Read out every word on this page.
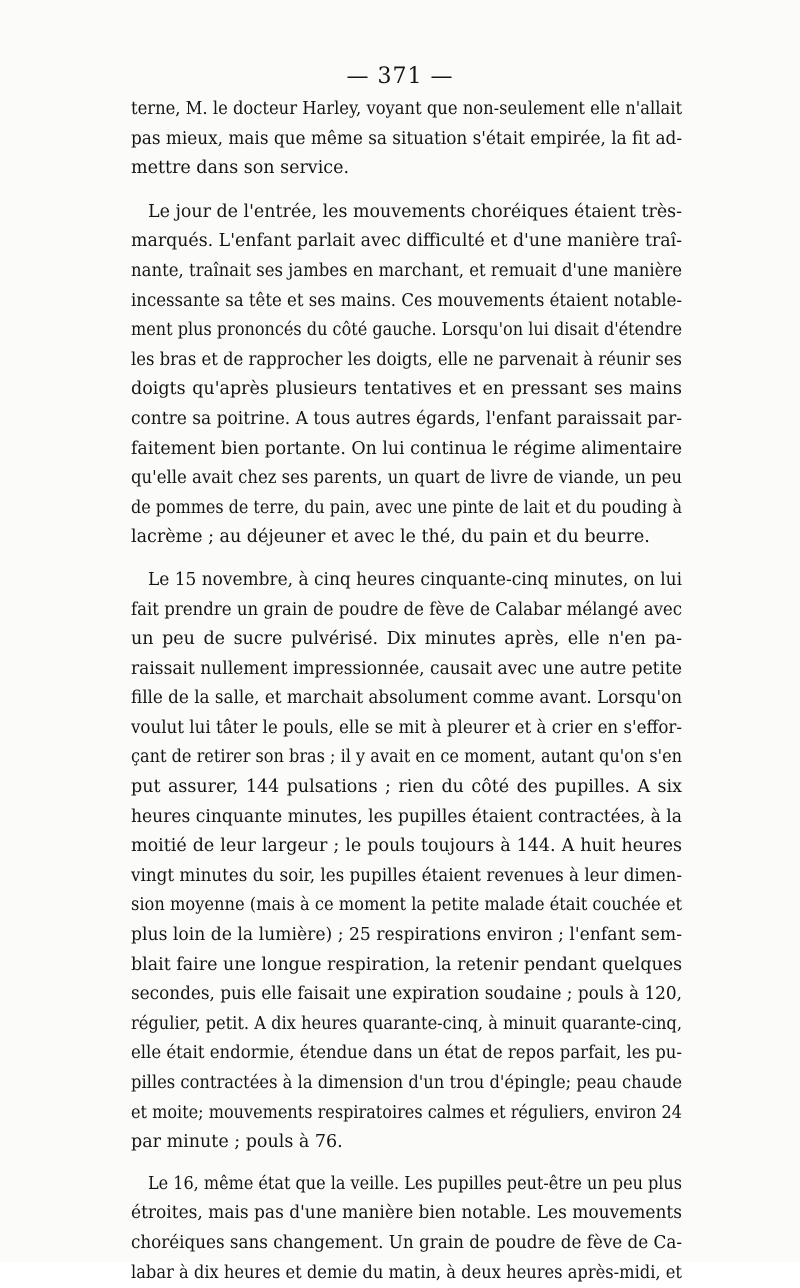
— 371 —

terne, M. le docteur Harley, voyant que non-seulement elle n'allait
pas mieux, mais que même sa situation s'était empirée, la fit ad-
mettre dans son service.
Le jour de l'entrée, les mouvements choréiques étaient très-
marqués. L'enfant parlait avec difficulté et d'une manière traî-
nante, traînait ses jambes en marchant, et remuait d'une manière
incessante sa tête et ses mains. Ces mouvements étaient notable-
ment plus prononcés du côté gauche. Lorsqu'on lui disait d'étendre
les bras et de rapprocher les doigts, elle ne parvenait à réunir ses
doigts qu'après plusieurs tentatives et en pressant ses mains
contre sa poitrine. A tous autres égards, l'enfant paraissait par-
faitement bien portante. On lui continua le régime alimentaire
qu'elle avait chez ses parents, un quart de livre de viande, un peu
de pommes de terre, du pain, avec une pinte de lait et du pouding à
lacrème ; au déjeuner et avec le thé, du pain et du beurre.
Le 15 novembre, à cinq heures cinquante-cinq minutes, on lui
fait prendre un grain de poudre de fève de Calabar mélangé avec
un peu de sucre pulvérisé. Dix minutes après, elle n'en pa-
raissait nullement impressionnée, causait avec une autre petite
fille de la salle, et marchait absolument comme avant. Lorsqu'on
voulut lui tâter le pouls, elle se mit à pleurer et à crier en s'effor-
çant de retirer son bras ; il y avait en ce moment, autant qu'on s'en
put assurer, 144 pulsations ; rien du côté des pupilles. A six
heures cinquante minutes, les pupilles étaient contractées, à la
moitié de leur largeur ; le pouls toujours à 144. A huit heures
vingt minutes du soir, les pupilles étaient revenues à leur dimen-
sion moyenne (mais à ce moment la petite malade était couchée et
plus loin de la lumière) ; 25 respirations environ ; l'enfant sem-
blait faire une longue respiration, la retenir pendant quelques
secondes, puis elle faisait une expiration soudaine ; pouls à 120,
régulier, petit. A dix heures quarante-cinq, à minuit quarante-cinq,
elle était endormie, étendue dans un état de repos parfait, les pu-
pilles contractées à la dimension d'un trou d'épingle; peau chaude
et moite; mouvements respiratoires calmes et réguliers, environ 24
par minute ; pouls à 76.
Le 16, même état que la veille. Les pupilles peut-être un peu plus
étroites, mais pas d'une manière bien notable. Les mouvements
choréiques sans changement. Un grain de poudre de fève de Ca-
labar à dix heures et demie du matin, à deux heures après-midi, et
